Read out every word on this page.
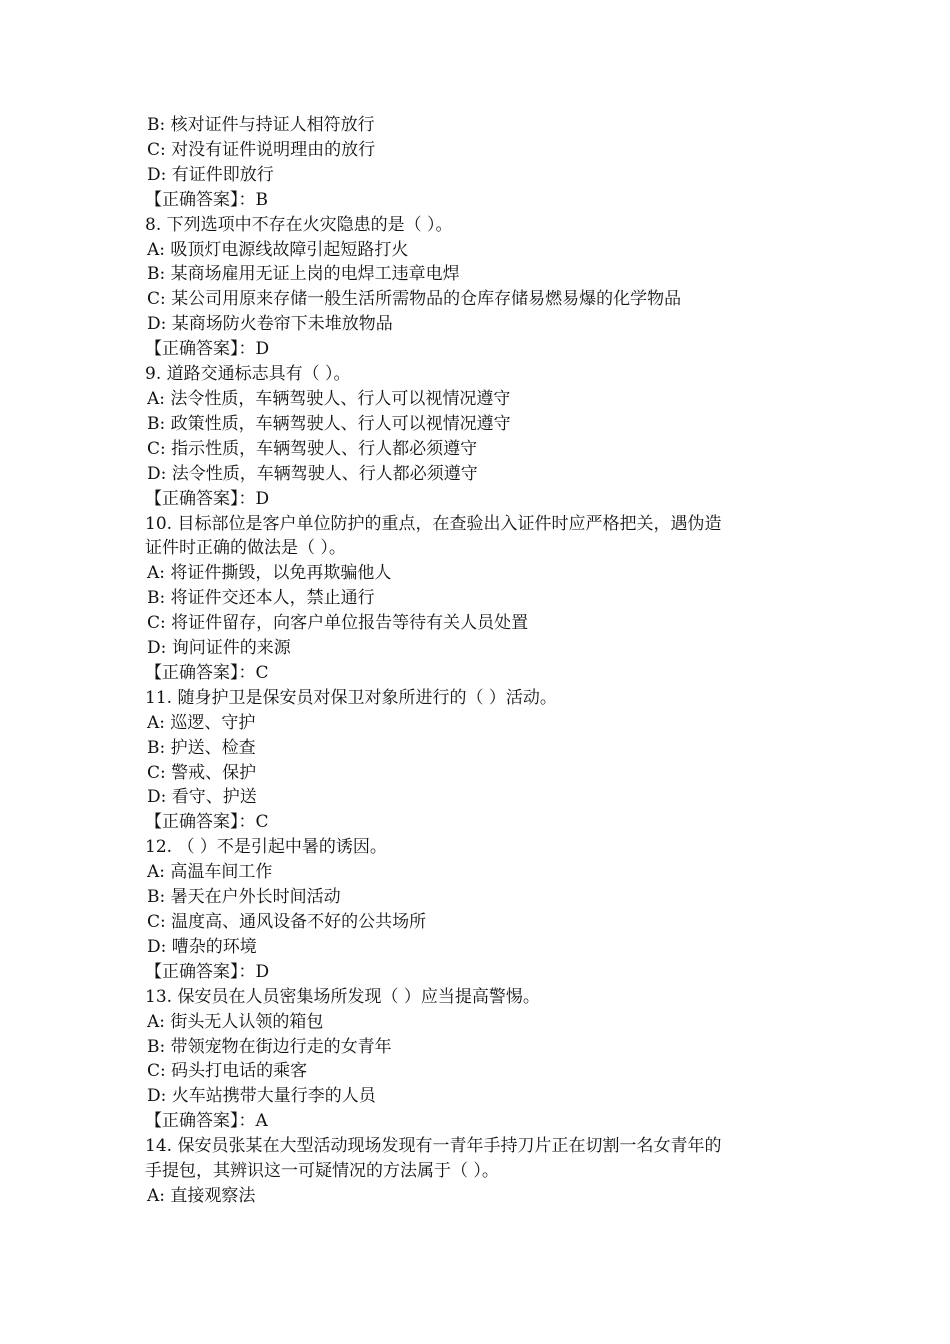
B: 核对证件与持证人相符放行

C: 对没有证件说明理由的放行

D: 有证件即放行

【正确答案】：B

8. 下列选项中不存在火灾隐患的是（ ）。

A: 吸顶灯电源线故障引起短路打火

B: 某商场雇用无证上岗的电焊工违章电焊

C: 某公司用原来存储一般生活所需物品的仓库存储易燃易爆的化学物品

D: 某商场防火卷帘下未堆放物品

【正确答案】：D

9. 道路交通标志具有（ ）。

A: 法令性质，车辆驾驶人、行人可以视情况遵守

B: 政策性质，车辆驾驶人、行人可以视情况遵守

C: 指示性质，车辆驾驶人、行人都必须遵守

D: 法令性质，车辆驾驶人、行人都必须遵守

【正确答案】：D

10. 目标部位是客户单位防护的重点，在查验出入证件时应严格把关，遇伪造

证件时正确的做法是（ ）。

A: 将证件撕毁，以免再欺骗他人

B: 将证件交还本人，禁止通行

C: 将证件留存，向客户单位报告等待有关人员处置

D: 询问证件的来源

【正确答案】：C

11. 随身护卫是保安员对保卫对象所进行的（ ）活动。

A: 巡逻、守护

B: 护送、检查

C: 警戒、保护

D: 看守、护送

【正确答案】：C

12. （ ）不是引起中暑的诱因。

A: 高温车间工作

B: 暑天在户外长时间活动

C: 温度高、通风设备不好的公共场所

D: 嘈杂的环境

【正确答案】：D

13. 保安员在人员密集场所发现（ ）应当提高警惕。

A: 街头无人认领的箱包

B: 带领宠物在街边行走的女青年

C: 码头打电话的乘客

D: 火车站携带大量行李的人员

【正确答案】：A

14. 保安员张某在大型活动现场发现有一青年手持刀片正在切割一名女青年的

手提包，其辨识这一可疑情况的方法属于（ ）。

A: 直接观察法
